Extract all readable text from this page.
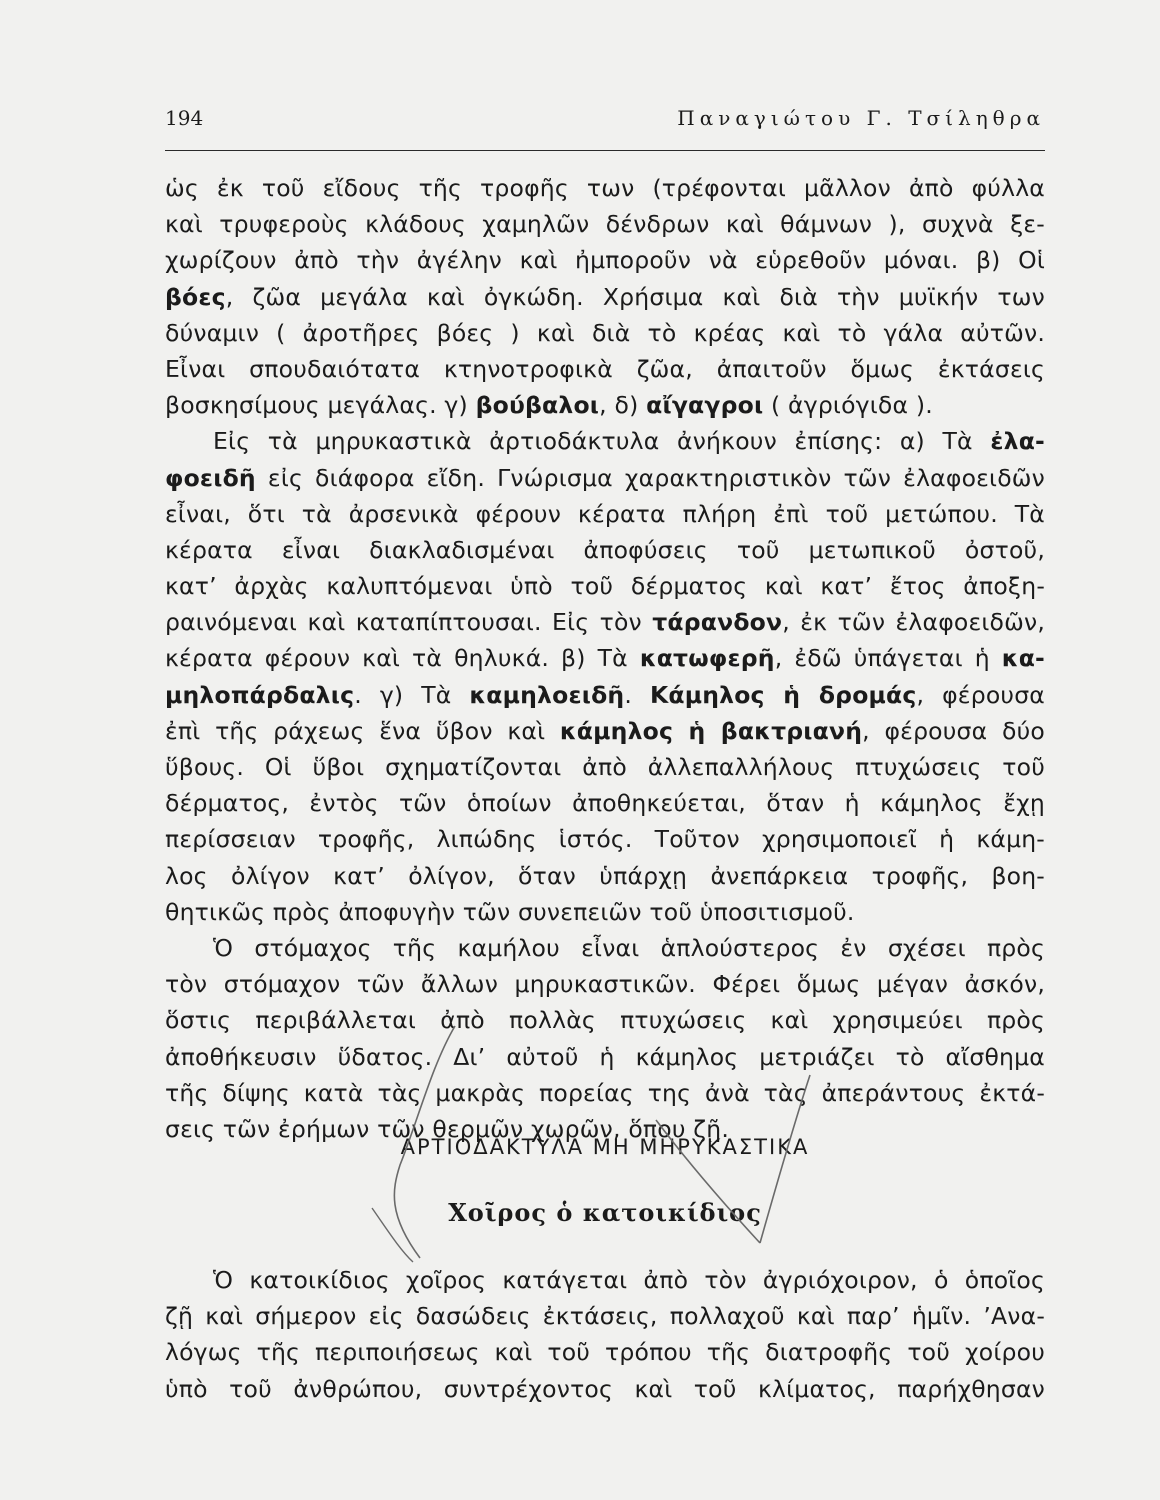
194	Παναγιώτου Γ. Τσίληθρα
ὡς ἐκ τοῦ εἴδους τῆς τροφῆς των (τρέφονται μᾶλλον ἀπὸ φύλλα
καὶ τρυφεροὺς κλάδους χαμηλῶν δένδρων καὶ θάμνων ), συχνὰ ξε-
χωρίζουν ἀπὸ τὴν ἀγέλην καὶ ἠμποροῦν νὰ εὑρεθοῦν μόναι. β) Οἱ
βόες, ζῶα μεγάλα καὶ ὀγκώδη. Χρήσιμα καὶ διὰ τὴν μυϊκήν των
δύναμιν ( ἀροτῆρες βόες ) καὶ διὰ τὸ κρέας καὶ τὸ γάλα αὐτῶν.
Εἶναι σπουδαιότατα κτηνοτροφικὰ ζῶα, ἀπαιτοῦν ὅμως ἐκτάσεις
βοσκησίμους μεγάλας. γ) βούβαλοι, δ) αἴγαγροι ( ἀγριόγιδα ).
Εἰς τὰ μηρυκαστικὰ ἀρτιοδάκτυλα ἀνήκουν ἐπίσης: α) Τὰ ἐλα-
φοειδῆ εἰς διάφορα εἴδη. Γνώρισμα χαρακτηριστικὸν τῶν ἐλαφοειδῶν
εἶναι, ὅτι τὰ ἀρσενικὰ φέρουν κέρατα πλήρη ἐπὶ τοῦ μετώπου. Τὰ
κέρατα εἶναι διακλαδισμέναι ἀποφύσεις τοῦ μετωπικοῦ ὀστοῦ,
κατ’ ἀρχὰς καλυπτόμεναι ὑπὸ τοῦ δέρματος καὶ κατ’ ἔτος ἀποξη-
ραινόμεναι καὶ καταπίπτουσαι. Εἰς τὸν τάρανδον, ἐκ τῶν ἐλαφοειδῶν,
κέρατα φέρουν καὶ τὰ θηλυκά. β) Τὰ κατωφερῆ, ἐδῶ ὑπάγεται ἡ κα-
μηλοπάρδαλις. γ) Τὰ καμηλοειδῆ. Κάμηλος ἡ δρομάς, φέρουσα
ἐπὶ τῆς ράχεως ἕνα ὕβον καὶ κάμηλος ἡ βακτριανή, φέρουσα δύο
ὕβους. Οἱ ὕβοι σχηματίζονται ἀπὸ ἀλλεπαλλήλους πτυχώσεις τοῦ
δέρματος, ἐντὸς τῶν ὁποίων ἀποθηκεύεται, ὅταν ἡ κάμηλος ἔχῃ
περίσσειαν τροφῆς, λιπώδης ἱστός. Τοῦτον χρησιμοποιεῖ ἡ κάμη-
λος ὀλίγον κατ’ ὀλίγον, ὅταν ὑπάρχῃ ἀνεπάρκεια τροφῆς, βοη-
θητικῶς πρὸς ἀποφυγὴν τῶν συνεπειῶν τοῦ ὑποσιτισμοῦ.
Ὁ στόμαχος τῆς καμήλου εἶναι ἁπλούστερος ἐν σχέσει πρὸς
τὸν στόμαχον τῶν ἄλλων μηρυκαστικῶν. Φέρει ὅμως μέγαν ἀσκόν,
ὅστις περιβάλλεται ἀπὸ πολλὰς πτυχώσεις καὶ χρησιμεύει πρὸς
ἀποθήκευσιν ὕδατος. Δι’ αὐτοῦ ἡ κάμηλος μετριάζει τὸ αἴσθημα
τῆς δίψης κατὰ τὰς μακρὰς πορείας της ἀνὰ τὰς ἀπεράντους ἐκτά-
σεις τῶν ἐρήμων τῶν θερμῶν χωρῶν, ὅπου ζῇ.
ΑΡΤΙΟΔΑΚΤΥΛΑ ΜΗ ΜΗΡΥΚΑΣΤΙΚΑ
Χοῖρος ὁ κατοικίδιος
Ὁ κατοικίδιος χοῖρος κατάγεται ἀπὸ τὸν ἀγριόχοιρον, ὁ ὁποῖος
ζῇ καὶ σήμερον εἰς δασώδεις ἐκτάσεις, πολλαχοῦ καὶ παρ’ ἡμῖν. ’Ανα-
λόγως τῆς περιποιήσεως καὶ τοῦ τρόπου τῆς διατροφῆς τοῦ χοίρου
ὑπὸ τοῦ ἀνθρώπου, συντρέχοντος καὶ τοῦ κλίματος, παρήχθησαν
